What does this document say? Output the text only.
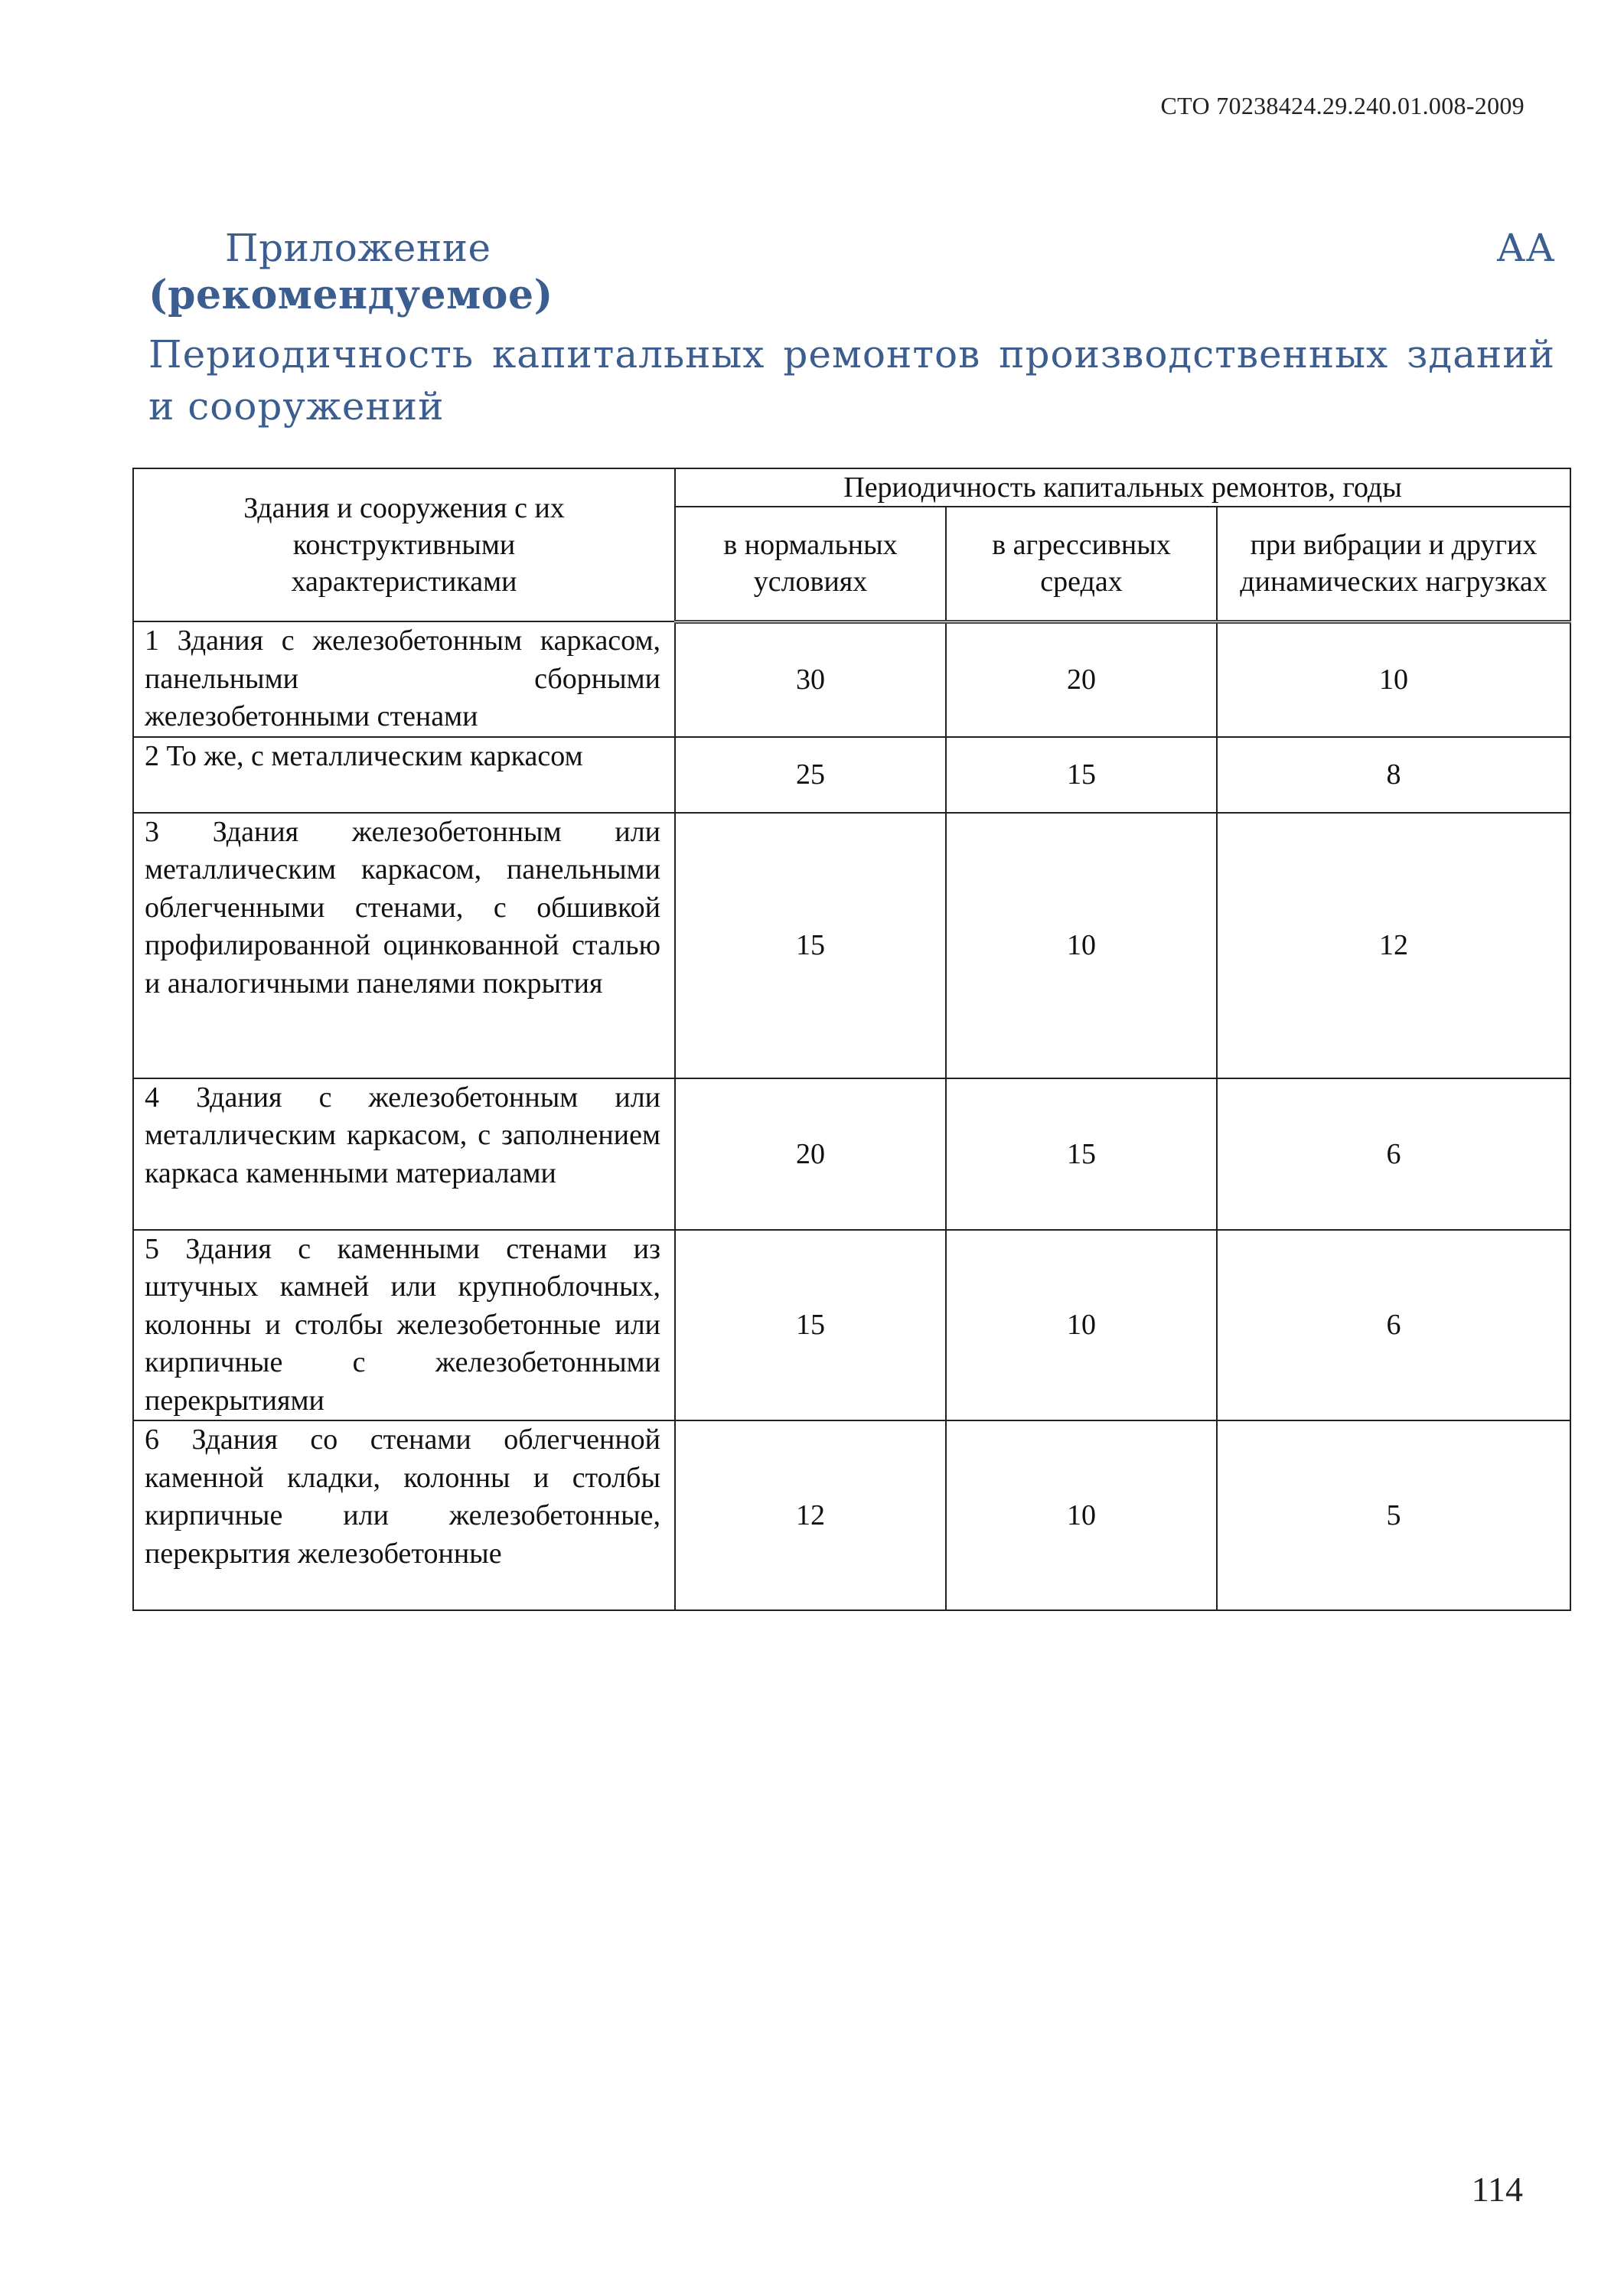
СТО 70238424.29.240.01.008-2009
Приложение	АА
(рекомендуемое)
Периодичность капитальных ремонтов производственных зданий и сооружений
Здания и сооружения с их конструктивными характеристиками	Периодичность капитальных ремонтов, годы		
	в нормальных условиях	в агрессивных средах	при вибрации и других динамических нагрузках
1 Здания с железобетонным каркасом, панельными сборными железобетонными стенами	30	20	10
2 То же, с металлическим каркасом	25	15	8
3 Здания железобетонным или металлическим каркасом, панельными облегченными стенами, с обшивкой профилированной оцинкованной сталью и аналогичными панелями покрытия	15	10	12
4 Здания с железобетонным или металлическим каркасом, с заполнением каркаса каменными материалами	20	15	6
5 Здания с каменными стенами из штучных камней или крупноблочных, колонны и столбы железобетонные или кирпичные с железобетонными перекрытиями	15	10	6
6 Здания со стенами облегченной каменной кладки, колонны и столбы кирпичные или железобетонные, перекрытия железобетонные	12	10	5
114
